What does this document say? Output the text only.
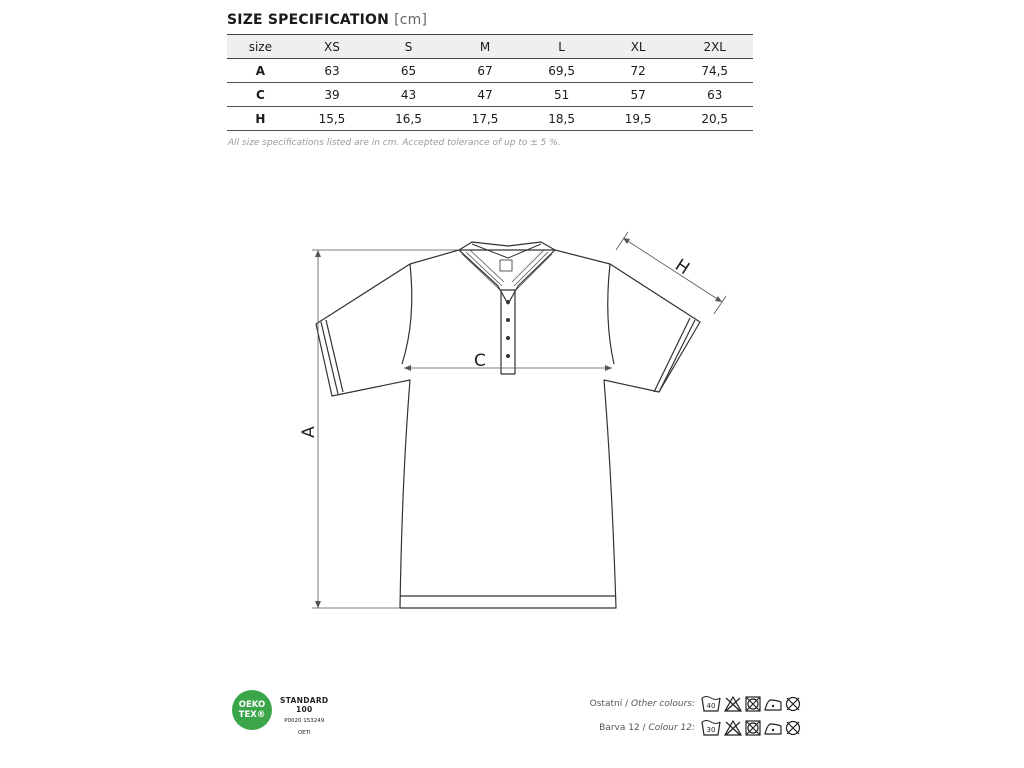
SIZE SPECIFICATION [cm]
size	XS	S	M	L	XL	2XL
A	63	65	67	69,5	72	74,5
C	39	43	47	51	57	63
H	15,5	16,5	17,5	18,5	19,5	20,5
All size specifications listed are in cm. Accepted tolerance of up to ± 5 %.
A
C
H
OEKO
TEX®
STANDARD
100
P0020 153249
OETI
Ostatní / Other colours: 40
Barva 12 / Colour 12: 30
